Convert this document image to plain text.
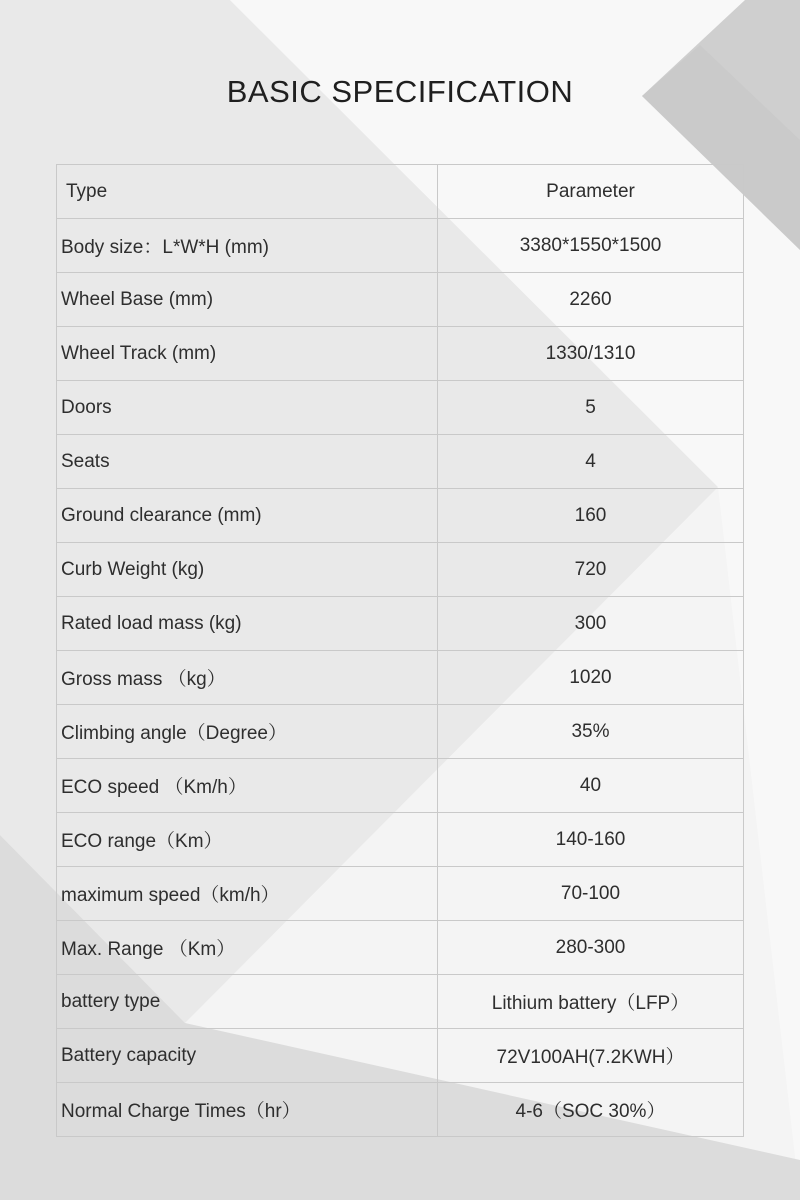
BASIC SPECIFICATION
Type	Parameter
Body size：L*W*H (mm)	3380*1550*1500
Wheel Base (mm)	2260
Wheel Track (mm)	1330/1310
Doors	5
Seats	4
Ground clearance (mm)	160
Curb Weight (kg)	720
Rated load mass (kg)	300
Gross mass （kg）	1020
Climbing angle（Degree）	35%
ECO speed （Km/h）	40
ECO range（Km）	140-160
maximum speed（km/h）	70-100
Max. Range （Km）	280-300
battery type	Lithium battery（LFP）
Battery capacity	72V100AH(7.2KWH）
Normal Charge Times（hr）	4-6（SOC 30%）
